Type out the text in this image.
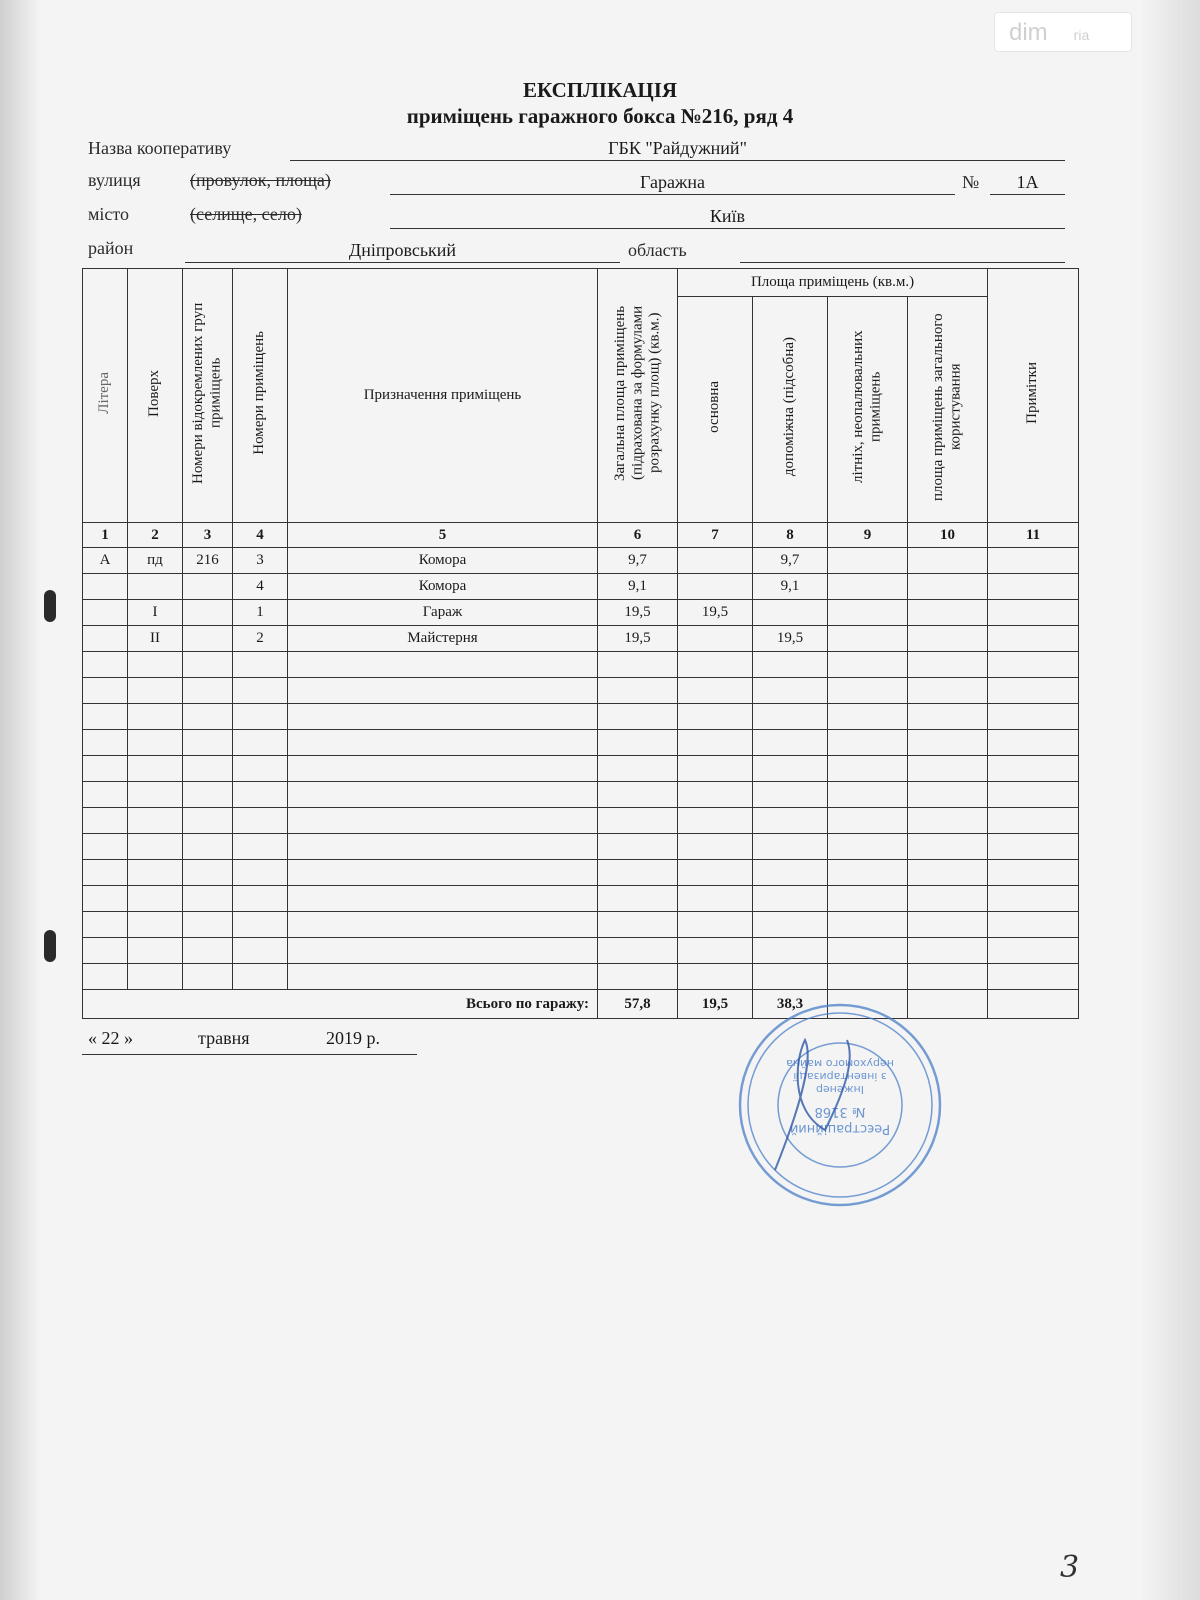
dim ria
ЕКСПЛІКАЦІЯ
приміщень гаражного бокса №216, ряд 4
Назва кооперативу	ГБК "Райдужний"
вулиця	(провулок, площа)	Гаражна	№	1А
місто	(селище, село)	Київ
район	Дніпровський	область
Літера	Поверх	Номери відокремлених груп приміщень	Номери приміщень	Призначення приміщень	Загальна площа приміщень (підрахована за формулами розрахунку площ) (кв.м.)	Площа приміщень (кв.м.)				Примітки
						основна	допоміжна (підсобна)	літніх, неопалювальних приміщень	площа приміщень загального користування	
1	2	3	4	5	6	7	8	9	10	11
А	пд	216	3	Комора	9,7		9,7			
			4	Комора	9,1		9,1			
	I		1	Гараж	19,5	19,5				
	II		2	Майстерня	19,5		19,5			

Всього по гаражу:					57,8	19,5	38,3			
« 22 »	травня	2019 р.
Реєстраційний
№ 3168
Інженер
з інвентаризації
нерухомого майна
3
